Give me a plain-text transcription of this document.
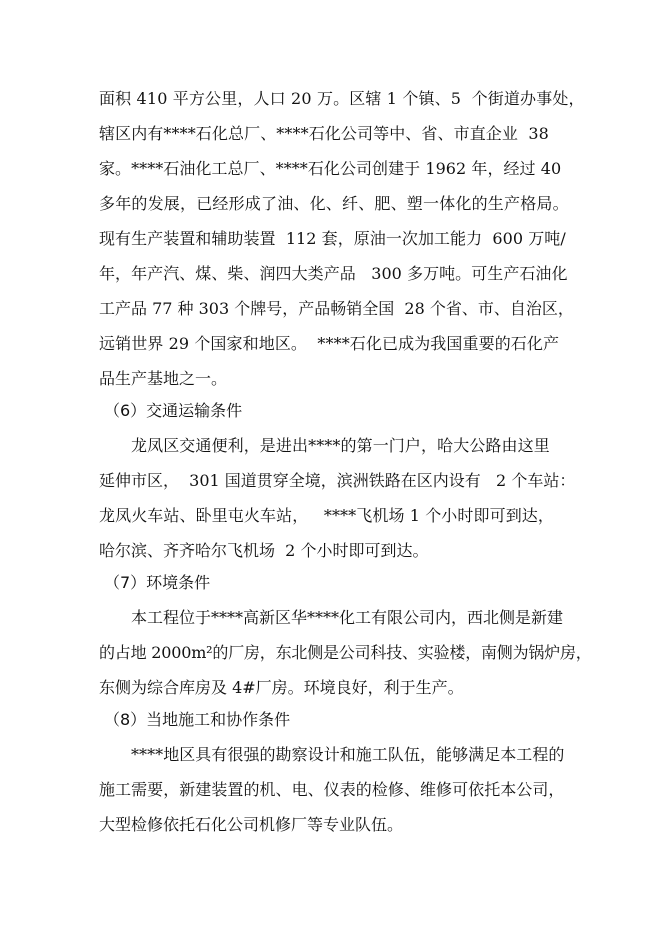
面积 410 平方公里，人口 20 万。区辖 1 个镇、5  个街道办事处，
辖区内有****石化总厂、****石化公司等中、省、市直企业  38
家。****石油化工总厂、****石化公司创建于 1962 年，经过 40
多年的发展，已经形成了油、化、纤、肥、塑一体化的生产格局。
现有生产装置和辅助装置  112 套，原油一次加工能力  600 万吨/
年，年产汽、煤、柴、润四大类产品   300 多万吨。可生产石油化
工产品 77 种 303 个牌号，产品畅销全国  28 个省、市、自治区，
远销世界 29 个国家和地区。  ****石化已成为我国重要的石化产
品生产基地之一。
（6）交通运输条件
龙凤区交通便利，是进出****的第一门户，哈大公路由这里
延伸市区，  301 国道贯穿全境，滨洲铁路在区内设有   2 个车站：
龙凤火车站、卧里屯火车站，   ****飞机场 1 个小时即可到达，
哈尔滨、齐齐哈尔飞机场  2 个小时即可到达。
（7）环境条件
本工程位于****高新区华****化工有限公司内，西北侧是新建
的占地 2000m²的厂房，东北侧是公司科技、实验楼，南侧为锅炉房，
东侧为综合库房及 4#厂房。环境良好，利于生产。
（8）当地施工和协作条件
****地区具有很强的勘察设计和施工队伍，能够满足本工程的
施工需要，新建装置的机、电、仪表的检修、维修可依托本公司，
大型检修依托石化公司机修厂等专业队伍。
